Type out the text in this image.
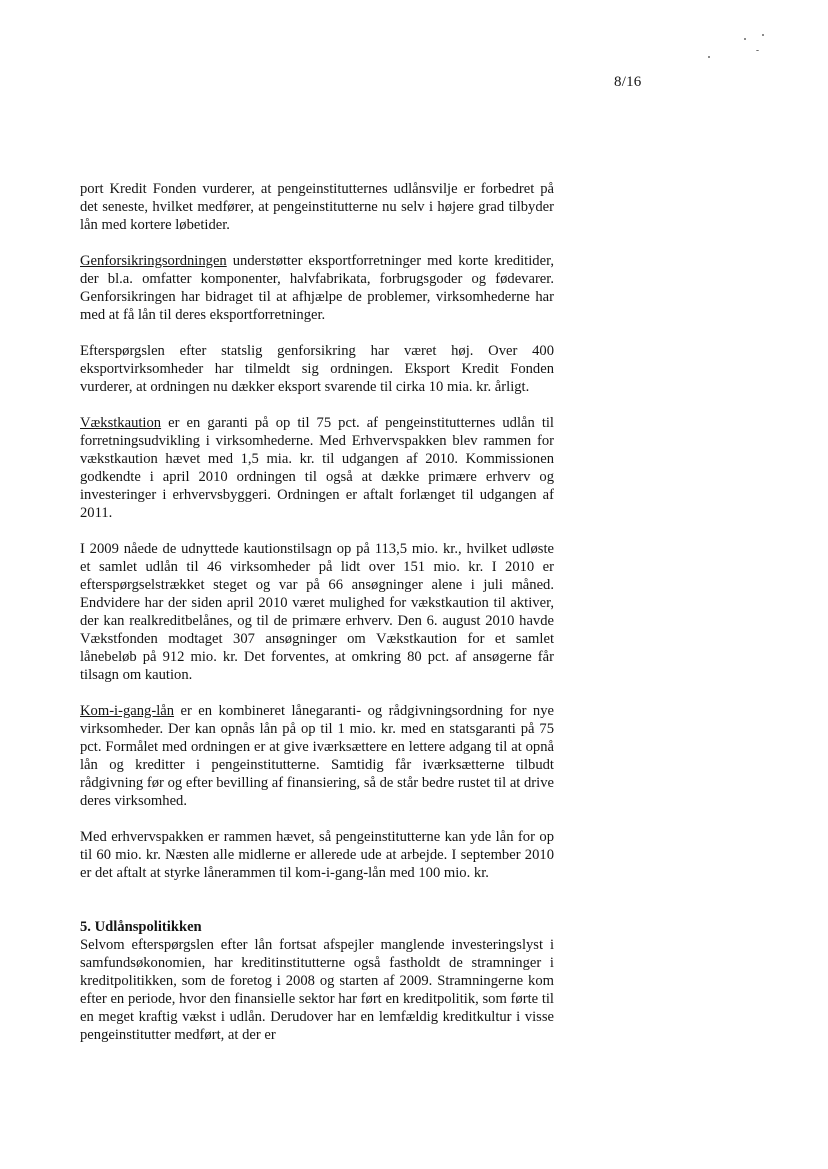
8/16

port Kredit Fonden vurderer, at pengeinstitutternes udlånsvilje er forbedret på det seneste, hvilket medfører, at pengeinstitutterne nu selv i højere grad tilbyder lån med kortere løbetider.

Genforsikringsordningen understøtter eksportforretninger med korte kreditider, der bl.a. omfatter komponenter, halvfabrikata, forbrugsgoder og fødevarer. Genforsikringen har bidraget til at afhjælpe de problemer, virksomhederne har med at få lån til deres eksportforretninger.

Efterspørgslen efter statslig genforsikring har været høj. Over 400 eksportvirksomheder har tilmeldt sig ordningen. Eksport Kredit Fonden vurderer, at ordningen nu dækker eksport svarende til cirka 10 mia. kr. årligt.

Vækstkaution er en garanti på op til 75 pct. af pengeinstitutternes udlån til forretningsudvikling i virksomhederne. Med Erhvervspakken blev rammen for vækstkaution hævet med 1,5 mia. kr. til udgangen af 2010. Kommissionen godkendte i april 2010 ordningen til også at dække primære erhverv og investeringer i erhvervsbyggeri. Ordningen er aftalt forlænget til udgangen af 2011.

I 2009 nåede de udnyttede kautionstilsagn op på 113,5 mio. kr., hvilket udløste et samlet udlån til 46 virksomheder på lidt over 151 mio. kr. I 2010 er efterspørgselstrækket steget og var på 66 ansøgninger alene i juli måned. Endvidere har der siden april 2010 været mulighed for vækstkaution til aktiver, der kan realkreditbelånes, og til de primære erhverv. Den 6. august 2010 havde Vækstfonden modtaget 307 ansøgninger om Vækstkaution for et samlet lånebeløb på 912 mio. kr. Det forventes, at omkring 80 pct. af ansøgerne får tilsagn om kaution.

Kom-i-gang-lån er en kombineret lånegaranti- og rådgivningsordning for nye virksomheder. Der kan opnås lån på op til 1 mio. kr. med en statsgaranti på 75 pct. Formålet med ordningen er at give iværksættere en lettere adgang til at opnå lån og kreditter i pengeinstitutterne. Samtidig får iværksætterne tilbudt rådgivning før og efter bevilling af finansiering, så de står bedre rustet til at drive deres virksomhed.

Med erhvervspakken er rammen hævet, så pengeinstitutterne kan yde lån for op til 60 mio. kr. Næsten alle midlerne er allerede ude at arbejde. I september 2010 er det aftalt at styrke lånerammen til kom-i-gang-lån med 100 mio. kr.

5. Udlånspolitikken

Selvom efterspørgslen efter lån fortsat afspejler manglende investeringslyst i samfundsøkonomien, har kreditinstitutterne også fastholdt de stramninger i kreditpolitikken, som de foretog i 2008 og starten af 2009. Stramningerne kom efter en periode, hvor den finansielle sektor har ført en kreditpolitik, som førte til en meget kraftig vækst i udlån. Derudover har en lemfældig kreditkultur i visse pengeinstitutter medført, at der er
